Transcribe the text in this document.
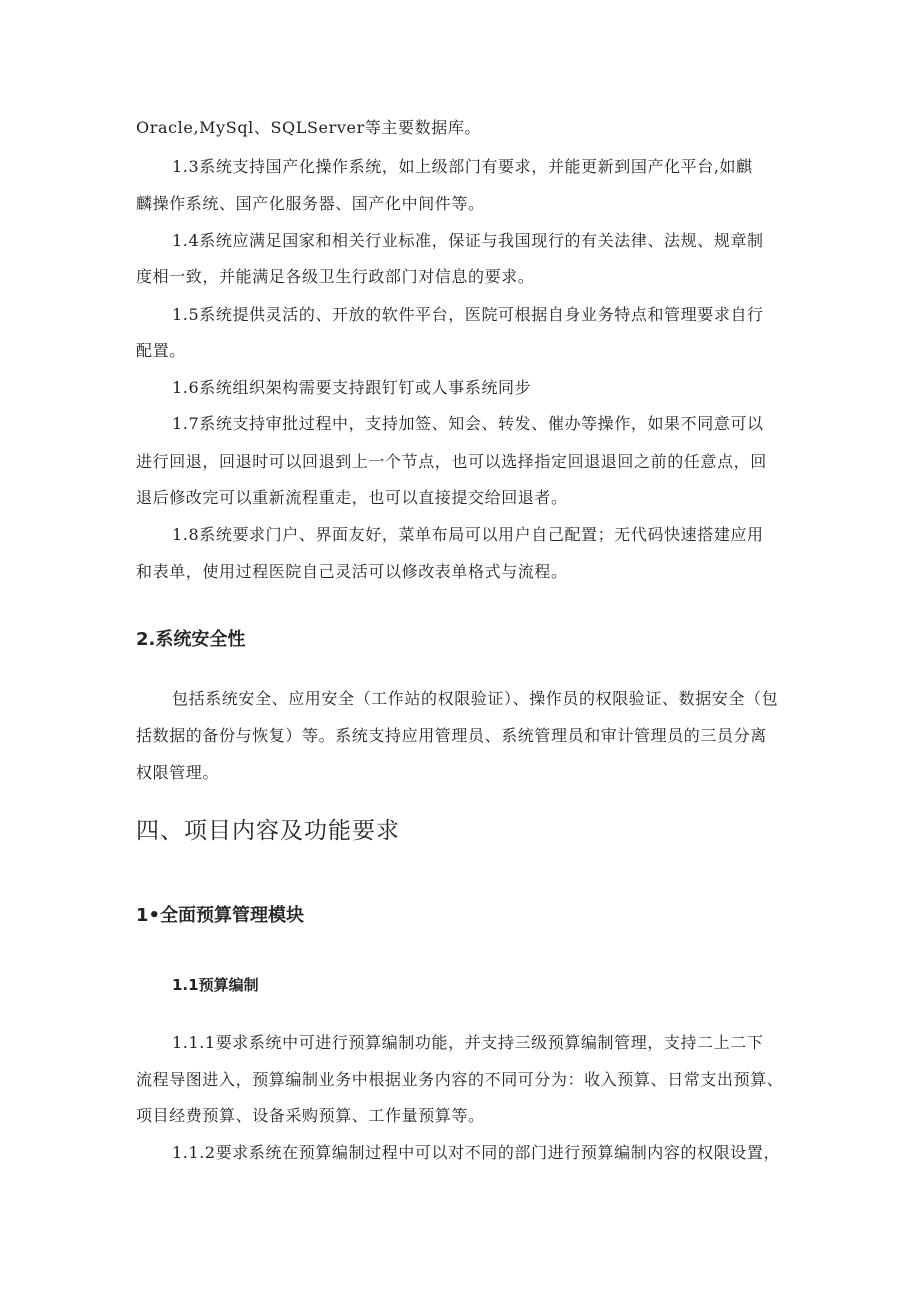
Oracle,MySql、SQLServer等主要数据库。
1.3系统支持国产化操作系统，如上级部门有要求，并能更新到国产化平台,如麒
麟操作系统、国产化服务器、国产化中间件等。
1.4系统应满足国家和相关行业标准，保证与我国现行的有关法律、法规、规章制
度相一致，并能满足各级卫生行政部门对信息的要求。
1.5系统提供灵活的、开放的软件平台，医院可根据自身业务特点和管理要求自行
配置。
1.6系统组织架构需要支持跟钉钉或人事系统同步
1.7系统支持审批过程中，支持加签、知会、转发、催办等操作，如果不同意可以
进行回退，回退时可以回退到上一个节点，也可以选择指定回退退回之前的任意点，回
退后修改完可以重新流程重走，也可以直接提交给回退者。
1.8系统要求门户、界面友好，菜单布局可以用户自己配置；无代码快速搭建应用
和表单，使用过程医院自己灵活可以修改表单格式与流程。
2.系统安全性
包括系统安全、应用安全（工作站的权限验证）、操作员的权限验证、数据安全（包
括数据的备份与恢复）等。系统支持应用管理员、系统管理员和审计管理员的三员分离
权限管理。
四、项目内容及功能要求
1•全面预算管理模块
1.1预算编制
1.1.1要求系统中可进行预算编制功能，并支持三级预算编制管理，支持二上二下
流程导图进入，预算编制业务中根据业务内容的不同可分为：收入预算、日常支出预算、
项目经费预算、设备采购预算、工作量预算等。
1.1.2要求系统在预算编制过程中可以对不同的部门进行预算编制内容的权限设置，
